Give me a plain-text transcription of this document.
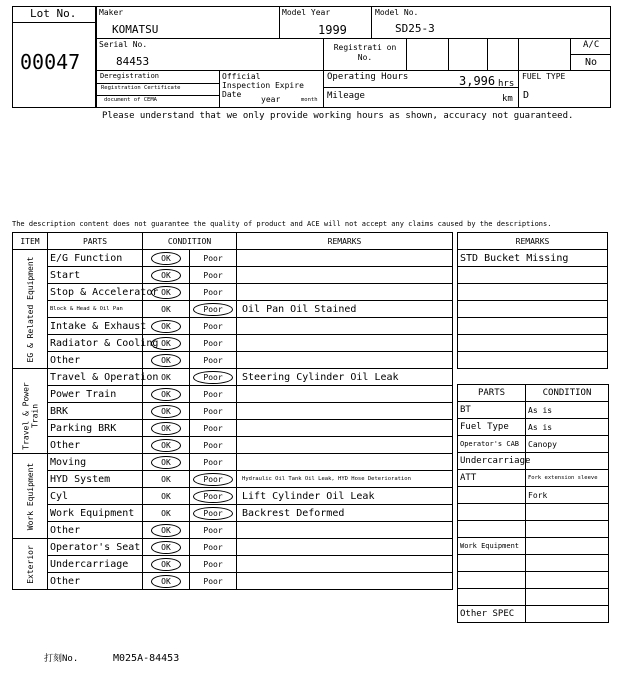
Lot No.
00047
Maker
KOMATSU
Model Year
1999
Model No.
SD25-3
Serial No.
84453
Registrati on No.
A/C
No
Deregistration
Registration Certificate
document of CEMA
Official Inspection Expire Date
year	month
Operating Hours	3,996 hrs
Mileage	km
FUEL TYPE
D
Please understand that we only provide working hours as shown, accuracy not guaranteed.
The description content does not guarantee the quality of product and ACE will not accept any claims caused by the descriptions.
ITEM	PARTS	CONDITION		REMARKS

EG & Related Equipment	E/G Function	OK	Poor	
	Start	OK	Poor	
	Stop & Accelerator	OK	Poor	
	Block & Head & Oil Pan	OK	Poor	Oil Pan Oil Stained
	Intake & Exhaust	OK	Poor	
	Radiator & Cooling	OK	Poor	
	Other	OK	Poor	

Travel & Power Train	Travel & Operation	OK	Poor	Steering Cylinder Oil Leak
	Power Train	OK	Poor	
	BRK	OK	Poor	
	Parking BRK	OK	Poor	
	Other	OK	Poor	

Work Equipment	Moving	OK	Poor	
	HYD System	OK	Poor	Hydraulic Oil Tank Oil Leak, HYD Hose Deterioration
	Cyl	OK	Poor	Lift Cylinder Oil Leak
	Work Equipment	OK	Poor	Backrest Deformed
	Other	OK	Poor	

Exterior	Operator's Seat	OK	Poor	
	Undercarriage	OK	Poor	
	Other	OK	Poor	
REMARKS
STD Bucket Missing

PARTS	CONDITION
BT	As is
Fuel Type	As is
Operator's CAB	Canopy
Undercarriage	
ATT	Fork extension sleeve
	Fork

Work Equipment	

Other SPEC	
打刻No.	M025A-84453
